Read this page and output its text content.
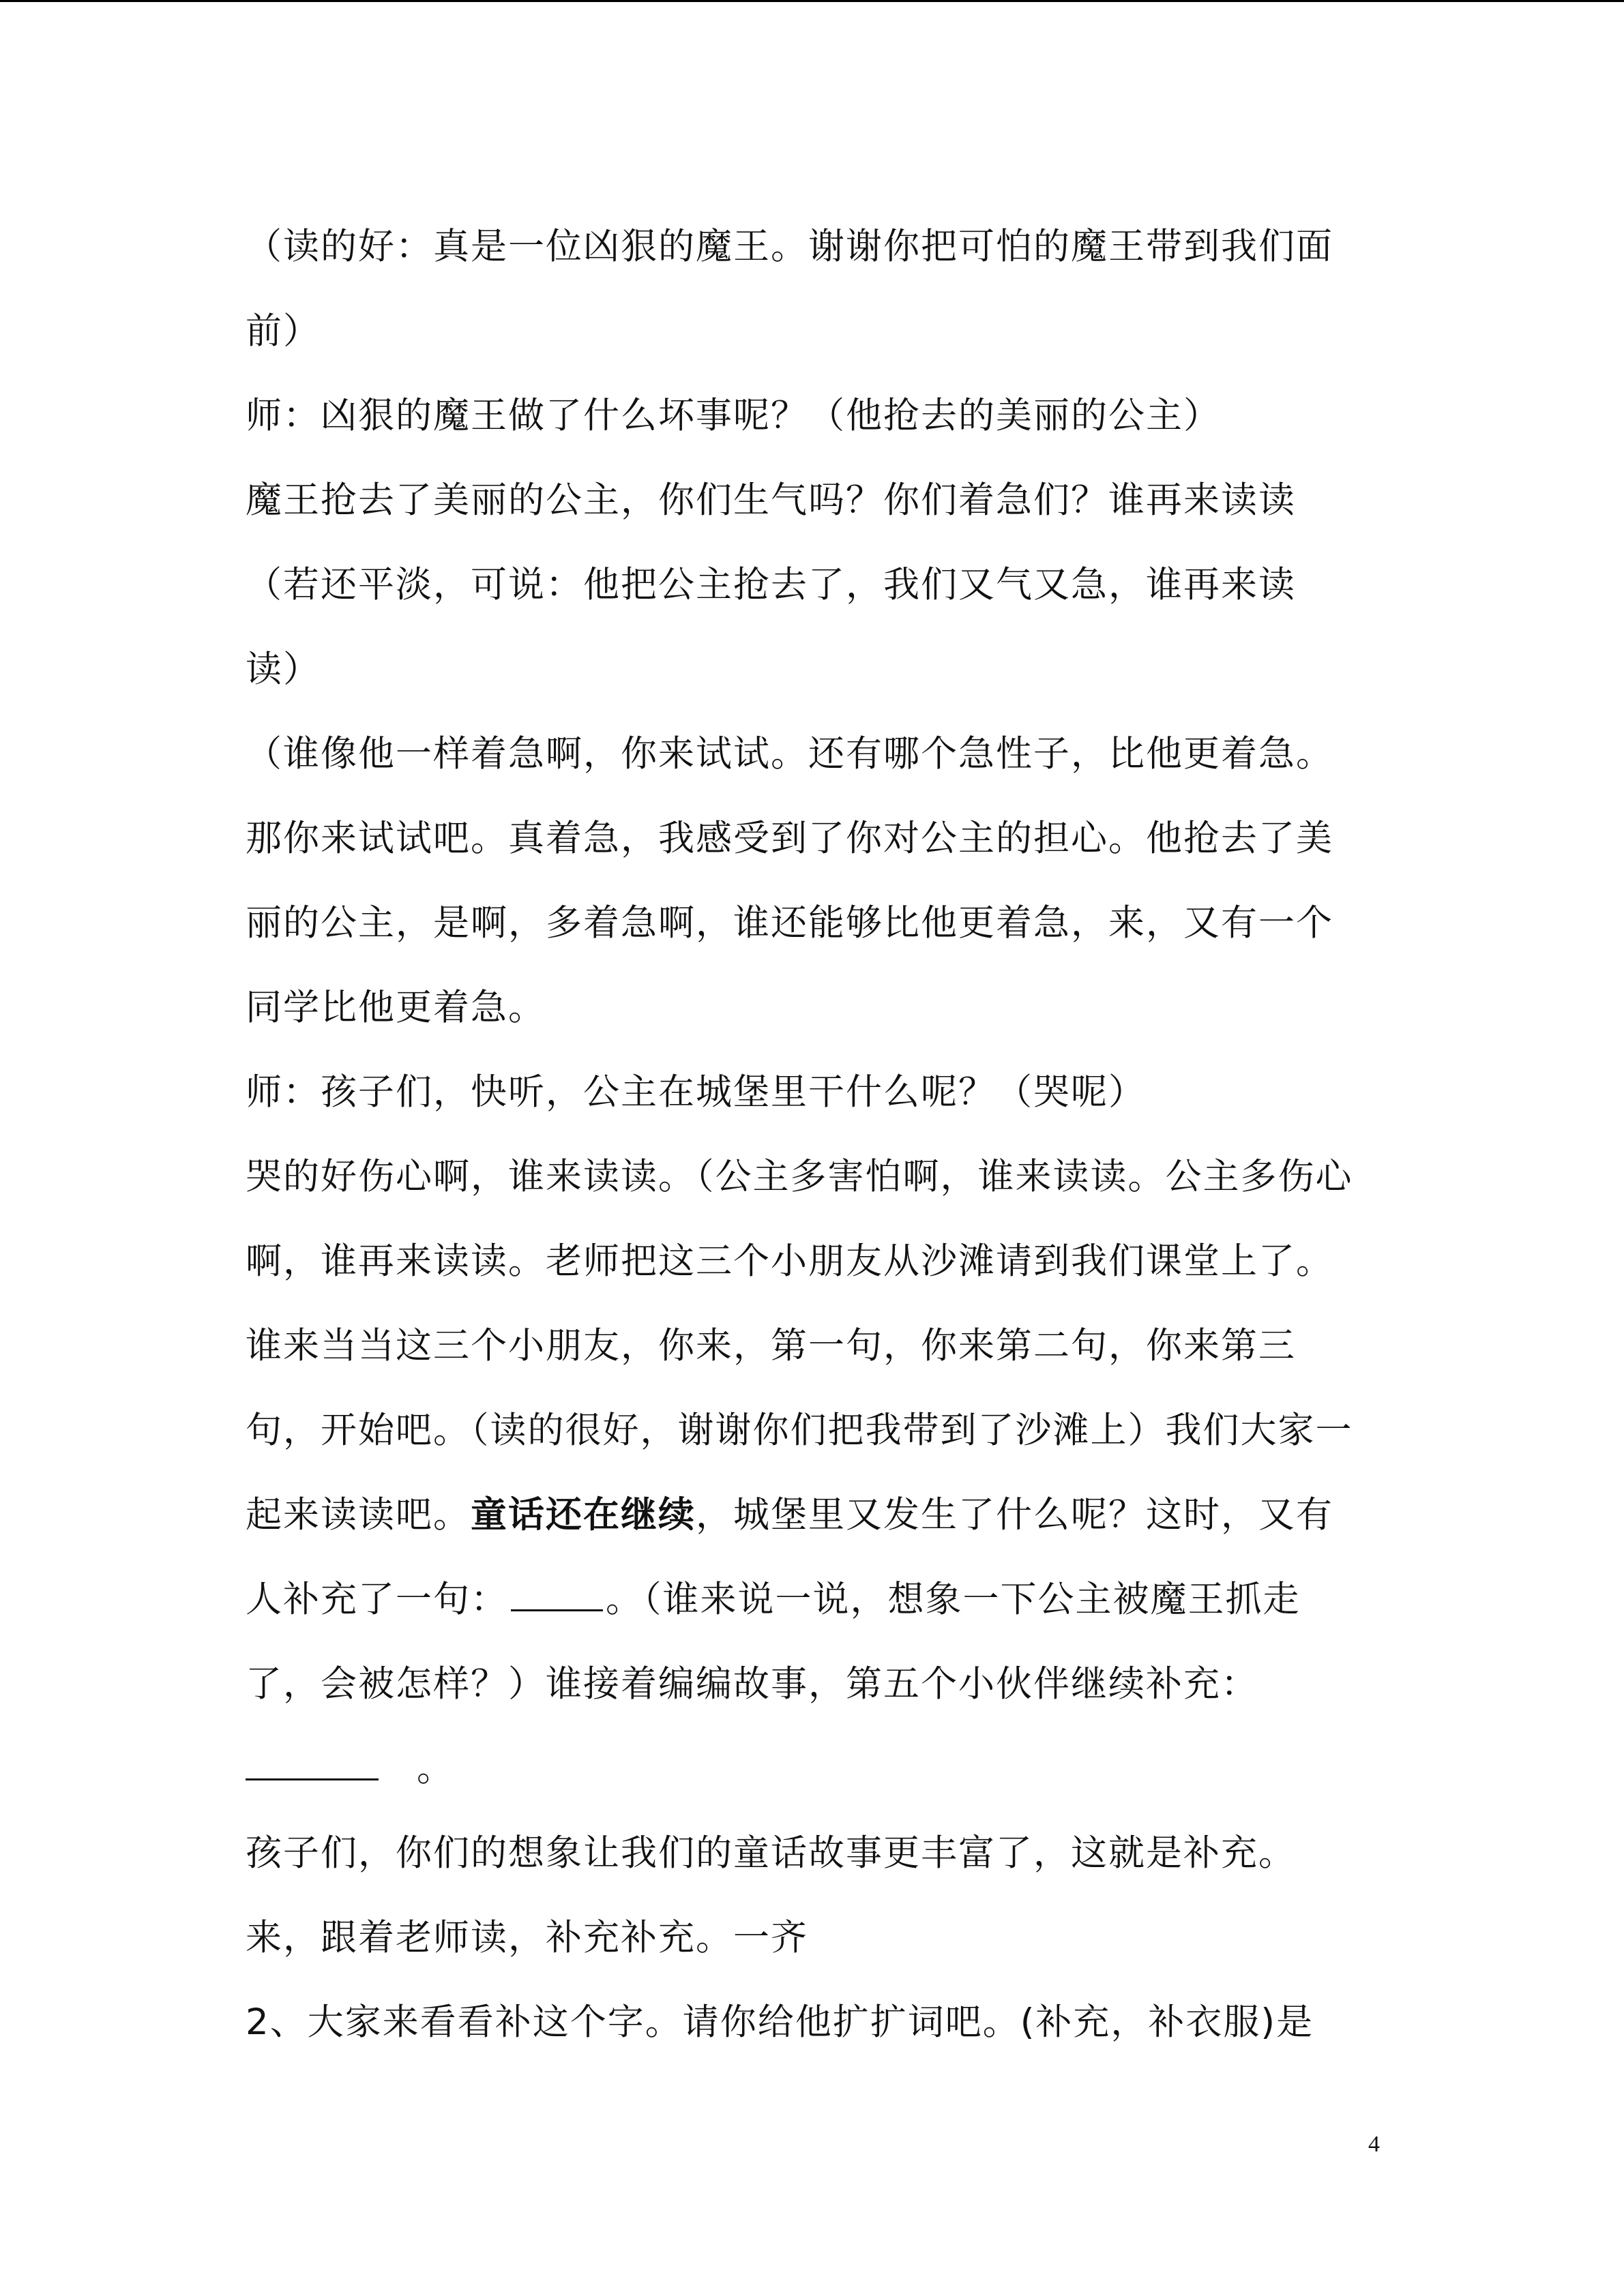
（读的好：真是一位凶狠的魔王。谢谢你把可怕的魔王带到我们面
前）
师：凶狠的魔王做了什么坏事呢？（他抢去的美丽的公主）
魔王抢去了美丽的公主，你们生气吗？你们着急们？谁再来读读
（若还平淡，可说：他把公主抢去了，我们又气又急，谁再来读
读）
（谁像他一样着急啊，你来试试。还有哪个急性子，比他更着急。
那你来试试吧。真着急，我感受到了你对公主的担心。他抢去了美
丽的公主，是啊，多着急啊，谁还能够比他更着急，来，又有一个
同学比他更着急。
师：孩子们，快听，公主在城堡里干什么呢？（哭呢）
哭的好伤心啊，谁来读读。（公主多害怕啊，谁来读读。公主多伤心
啊，谁再来读读。老师把这三个小朋友从沙滩请到我们课堂上了。
谁来当当这三个小朋友，你来，第一句，你来第二句，你来第三
句，开始吧。（读的很好，谢谢你们把我带到了沙滩上）我们大家一
起来读读吧。童话还在继续，城堡里又发生了什么呢？这时，又有
人补充了一句：	。（谁来说一说，想象一下公主被魔王抓走
了，会被怎样？）谁接着编编故事，第五个小伙伴继续补充：
。
孩子们，你们的想象让我们的童话故事更丰富了，这就是补充。
来，跟着老师读，补充补充。一齐
2、大家来看看补这个字。请你给他扩扩词吧。(补充，补衣服)是
4
